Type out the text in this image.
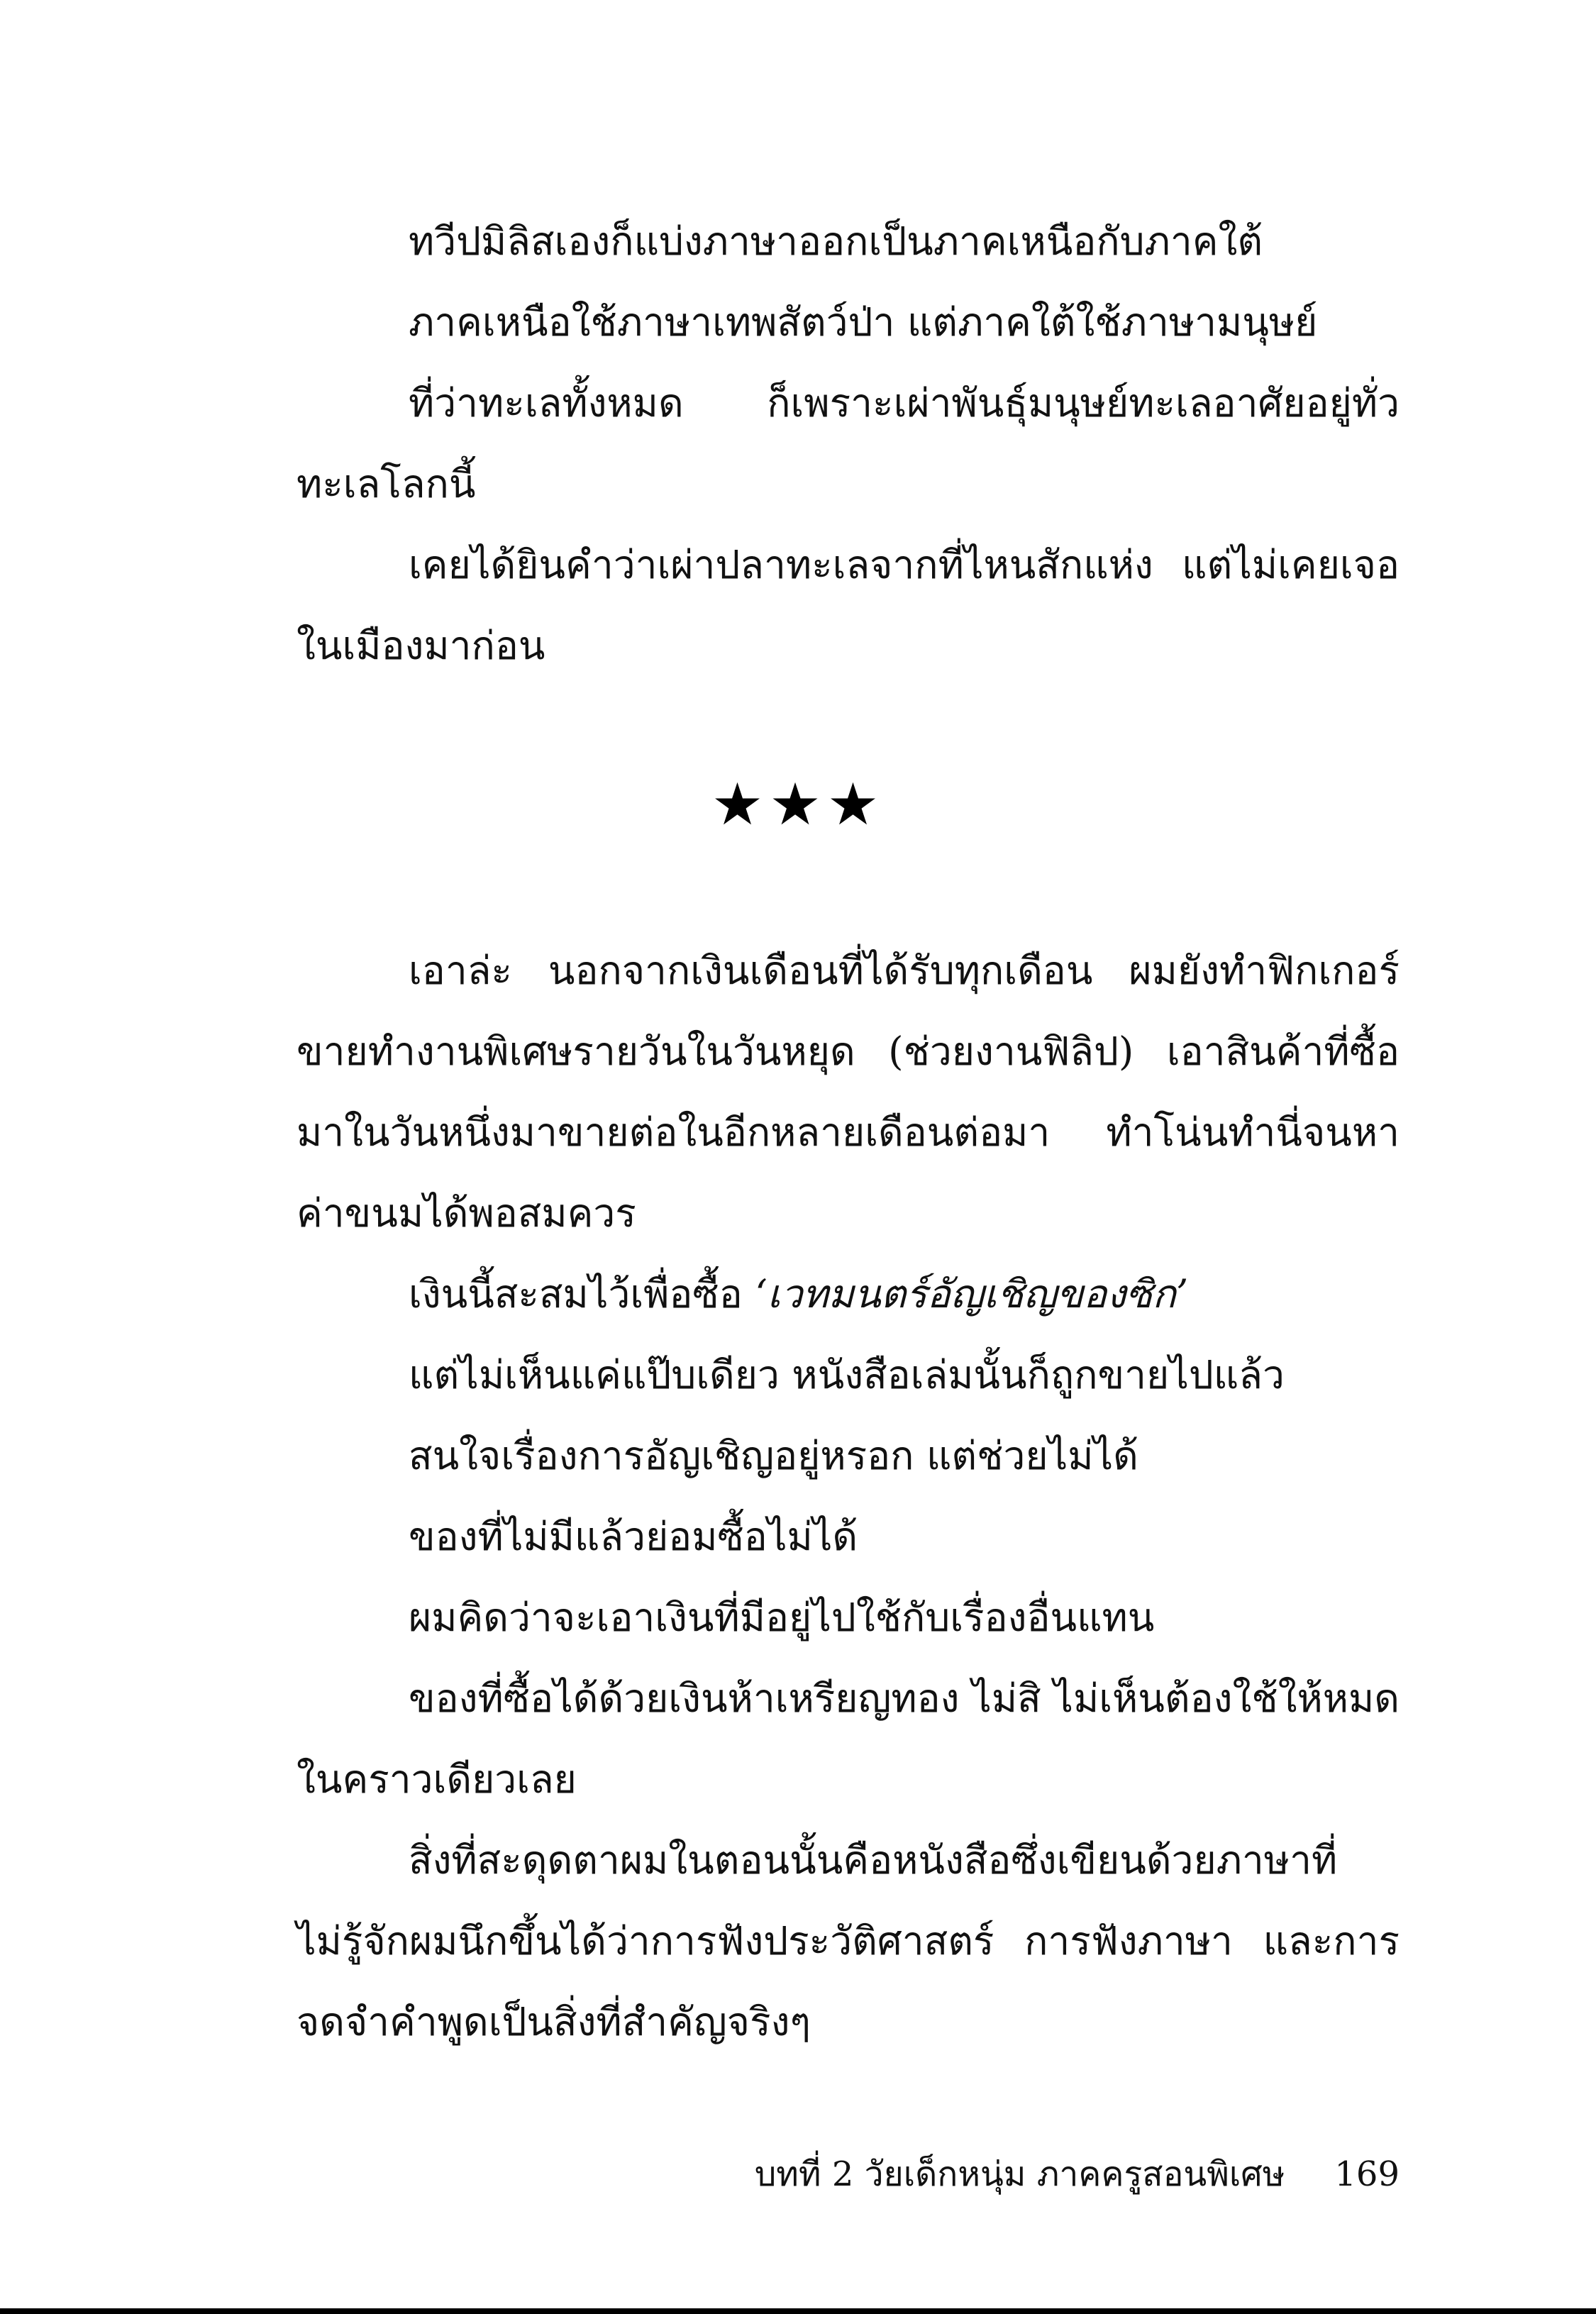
ทวีปมิลิสเองก็แบ่งภาษาออกเป็นภาคเหนือกับภาคใต้

ภาคเหนือใช้ภาษาเทพสัตว์ป่า แต่ภาคใต้ใช้ภาษามนุษย์

ที่ว่าทะเลทั้งหมด ก็เพราะเผ่าพันธุ์มนุษย์ทะเลอาศัยอยู่ทั่วทะเลโลกนี้

เคยได้ยินคำว่าเผ่าปลาทะเลจากที่ไหนสักแห่ง แต่ไม่เคยเจอในเมืองมาก่อน

★★★

เอาล่ะ นอกจากเงินเดือนที่ได้รับทุกเดือน ผมยังทำฟิกเกอร์ขายทำงานพิเศษรายวันในวันหยุด (ช่วยงานฟิลิป) เอาสินค้าที่ซื้อมาในวันหนึ่งมาขายต่อในอีกหลายเดือนต่อมา ทำโน่นทำนี่จนหาค่าขนมได้พอสมควร

เงินนี้สะสมไว้เพื่อซื้อ ‘เวทมนตร์อัญเชิญของซิก’

แต่ไม่เห็นแค่แป๊บเดียว หนังสือเล่มนั้นก็ถูกขายไปแล้ว

สนใจเรื่องการอัญเชิญอยู่หรอก แต่ช่วยไม่ได้

ของที่ไม่มีแล้วย่อมซื้อไม่ได้

ผมคิดว่าจะเอาเงินที่มีอยู่ไปใช้กับเรื่องอื่นแทน

ของที่ซื้อได้ด้วยเงินห้าเหรียญทอง ไม่สิ ไม่เห็นต้องใช้ให้หมดในคราวเดียวเลย

สิ่งที่สะดุดตาผมในตอนนั้นคือหนังสือซึ่งเขียนด้วยภาษาที่ไม่รู้จักผมนึกขึ้นได้ว่าการฟังประวัติศาสตร์ การฟังภาษา และการจดจำคำพูดเป็นสิ่งที่สำคัญจริงๆ

บทที่ 2 วัยเด็กหนุ่ม ภาคครูสอนพิเศษ 169
